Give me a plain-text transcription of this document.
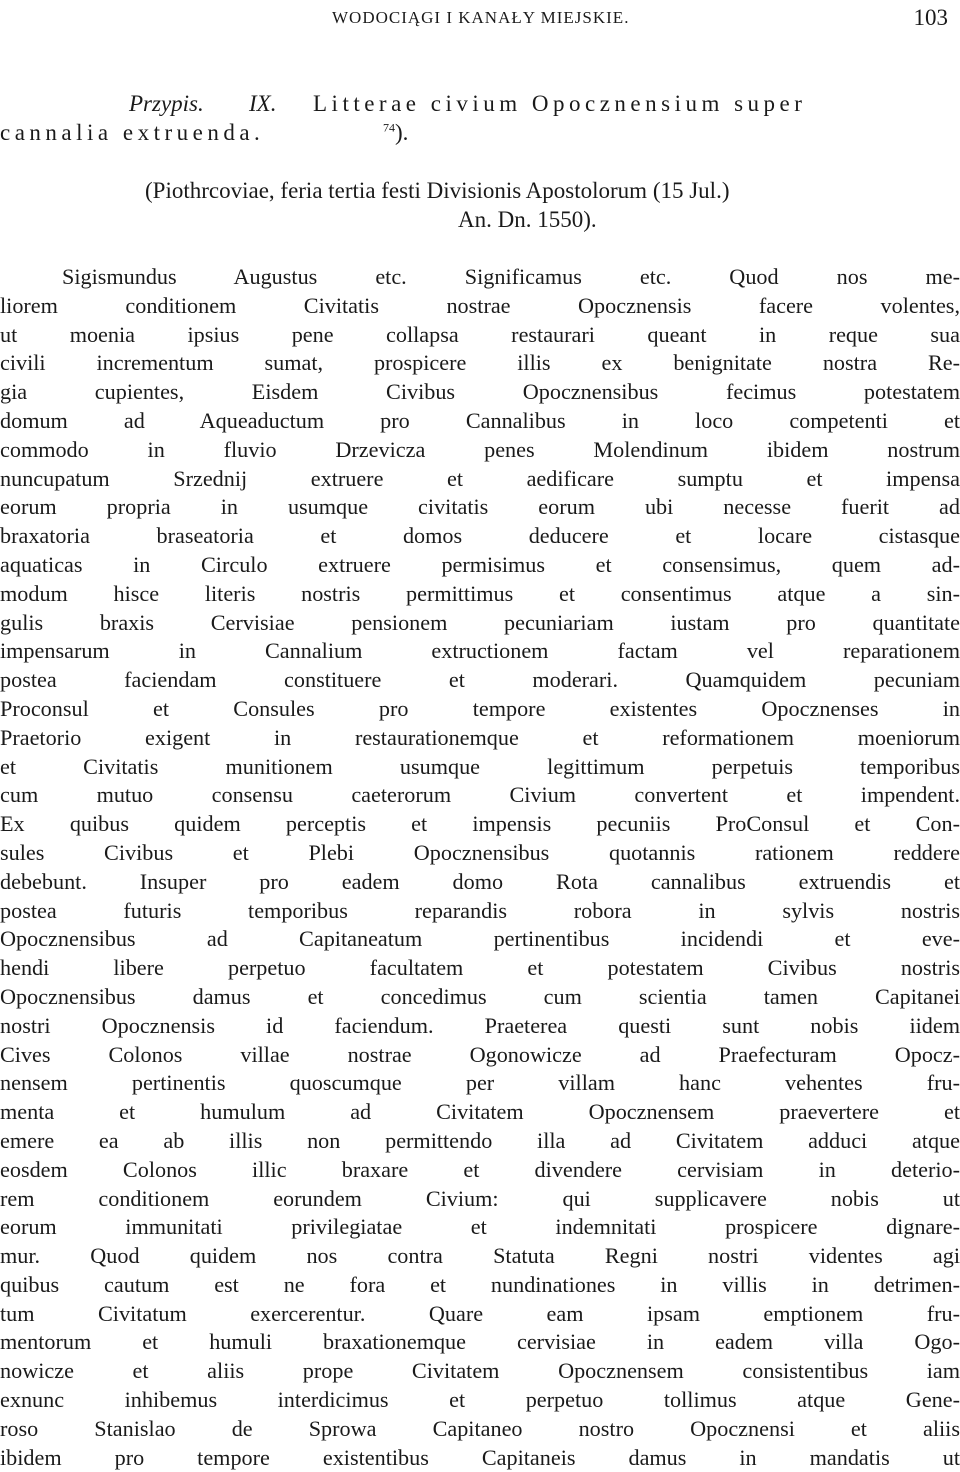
WODOCIĄGI I KANAŁY MIEJSKIE.	103
Przypis. IX. Litterae civium Opocznensium super
cannalia extruenda.	$^{74}$).
(Piothrcoviae, feria tertia festi Divisionis Apostolorum (15 Jul.)
An. Dn. 1550).
Sigismundus Augustus etc. Significamus etc. Quod nos me-
liorem conditionem Civitatis nostrae Opocznensis facere volentes,
ut moenia ipsius pene collapsa restaurari queant in reque sua
civili incrementum sumat, prospicere illis ex benignitate nostra Re-
gia cupientes, Eisdem Civibus Opocznensibus fecimus potestatem
domum ad Aqueaductum pro Cannalibus in loco competenti et
commodo in fluvio Drzevicza penes Molendinum ibidem nostrum
nuncupatum Srzednij extruere et aedificare sumptu et impensa
eorum propria in usumque civitatis eorum ubi necesse fuerit ad
braxatoria braseatoria et domos deducere et locare cistasque
aquaticas in Circulo extruere permisimus et consensimus, quem ad-
modum hisce literis nostris permittimus et consentimus atque a sin-
gulis braxis Cervisiae pensionem pecuniariam iustam pro quantitate
impensarum in Cannalium extructionem factam vel reparationem
postea faciendam constituere et moderari. Quamquidem pecuniam
Proconsul et Consules pro tempore existentes Opocznenses in
Praetorio exigent in restaurationemque et reformationem moeniorum
et Civitatis munitionem usumque legittimum perpetuis temporibus
cum mutuo consensu caeterorum Civium convertent et impendent.
Ex quibus quidem perceptis et impensis pecuniis ProConsul et Con-
sules Civibus et Plebi Opocznensibus quotannis rationem reddere
debebunt. Insuper pro eadem domo Rota cannalibus extruendis et
postea futuris temporibus reparandis robora in sylvis nostris
Opocznensibus ad Capitaneatum pertinentibus incidendi et eve-
hendi libere perpetuo facultatem et potestatem Civibus nostris
Opocznensibus damus et concedimus cum scientia tamen Capitanei
nostri Opocznensis id faciendum. Praeterea questi sunt nobis iidem
Cives Colonos villae nostrae Ogonowicze ad Praefecturam Opocz-
nensem pertinentis quoscumque per villam hanc vehentes fru-
menta et humulum ad Civitatem Opocznensem praevertere et
emere ea ab illis non permittendo illa ad Civitatem adduci atque
eosdem Colonos illic braxare et divendere cervisiam in deterio-
rem conditionem eorundem Civium: qui supplicavere nobis ut
eorum immunitati privilegiatae et indemnitati prospicere dignare-
mur. Quod quidem nos contra Statuta Regni nostri videntes agi
quibus cautum est ne fora et nundinationes in villis in detrimen-
tum Civitatum exercerentur. Quare eam ipsam emptionem fru-
mentorum et humuli braxationemque cervisiae in eadem villa Ogo-
nowicze et aliis prope Civitatem Opocznensem consistentibus iam
exnunc inhibemus interdicimus et perpetuo tollimus atque Gene-
roso Stanislao de Sprowa Capitaneo nostro Opocznensi et aliis
ibidem pro tempore existentibus Capitaneis damus in mandatis ut
